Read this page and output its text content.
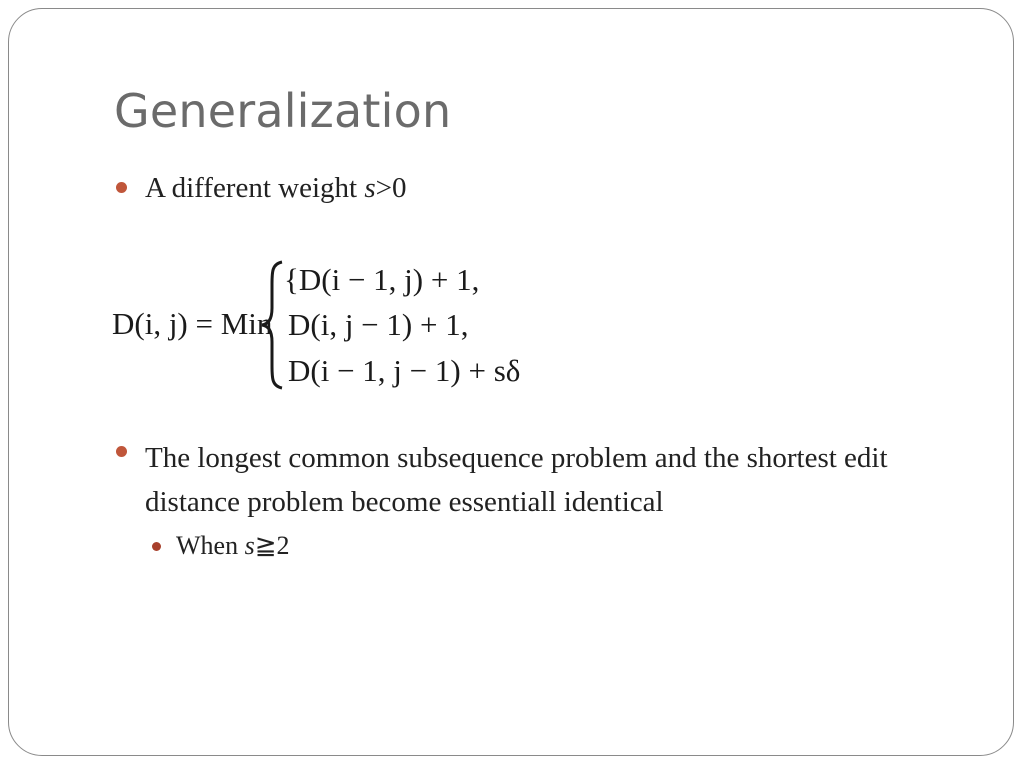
Generalization
A different weight s>0
D(i, j) = Min
{D(i − 1, j) + 1,
D(i, j − 1) + 1,
D(i − 1, j − 1) + sδ
The longest common subsequence problem and the shortest edit distance problem become essentiall identical
When s≧2
